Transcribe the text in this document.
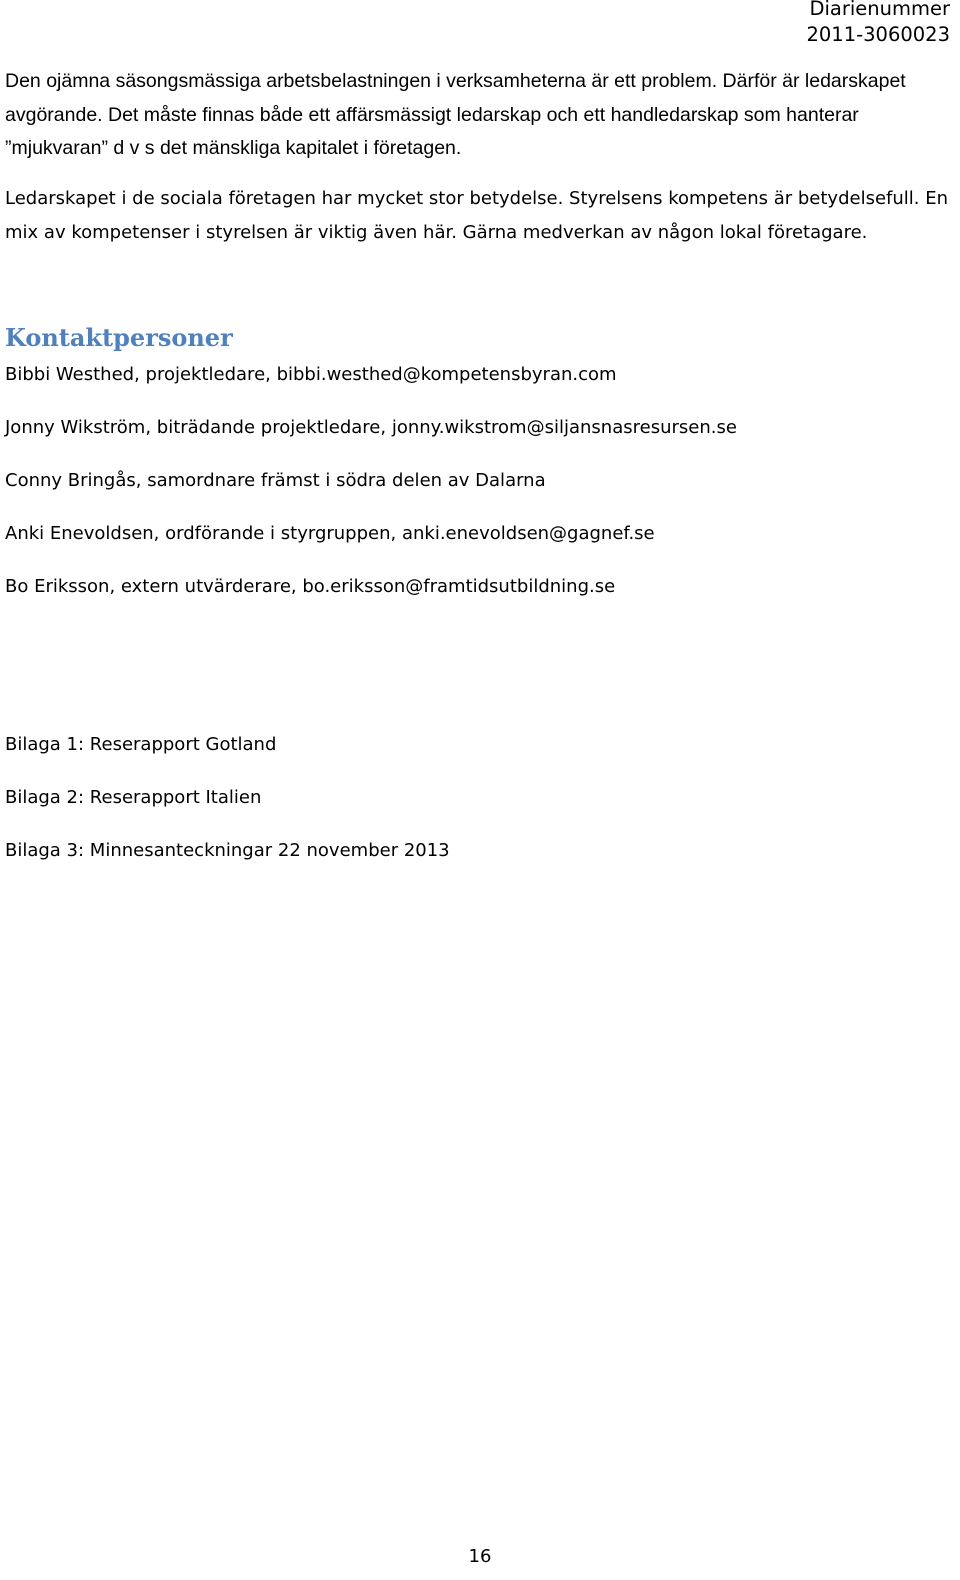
Diarienummer
2011-3060023

Den ojämna säsongsmässiga arbetsbelastningen i verksamheterna är ett problem. Därför är ledarskapet avgörande. Det måste finnas både ett affärsmässigt ledarskap och ett handledarskap som hanterar ”mjukvaran” d v s det mänskliga kapitalet i företagen.

Ledarskapet i de sociala företagen har mycket stor betydelse. Styrelsens kompetens är betydelsefull. En mix av kompetenser i styrelsen är viktig även här. Gärna medverkan av någon lokal företagare.

Kontaktpersoner
Bibbi Westhed, projektledare, bibbi.westhed@kompetensbyran.com
Jonny Wikström, biträdande projektledare, jonny.wikstrom@siljansnasresursen.se
Conny Bringås, samordnare främst i södra delen av Dalarna
Anki Enevoldsen, ordförande i styrgruppen, anki.enevoldsen@gagnef.se
Bo Eriksson, extern utvärderare, bo.eriksson@framtidsutbildning.se
Bilaga 1: Reserapport Gotland
Bilaga 2: Reserapport Italien
Bilaga 3: Minnesanteckningar 22 november 2013
16
